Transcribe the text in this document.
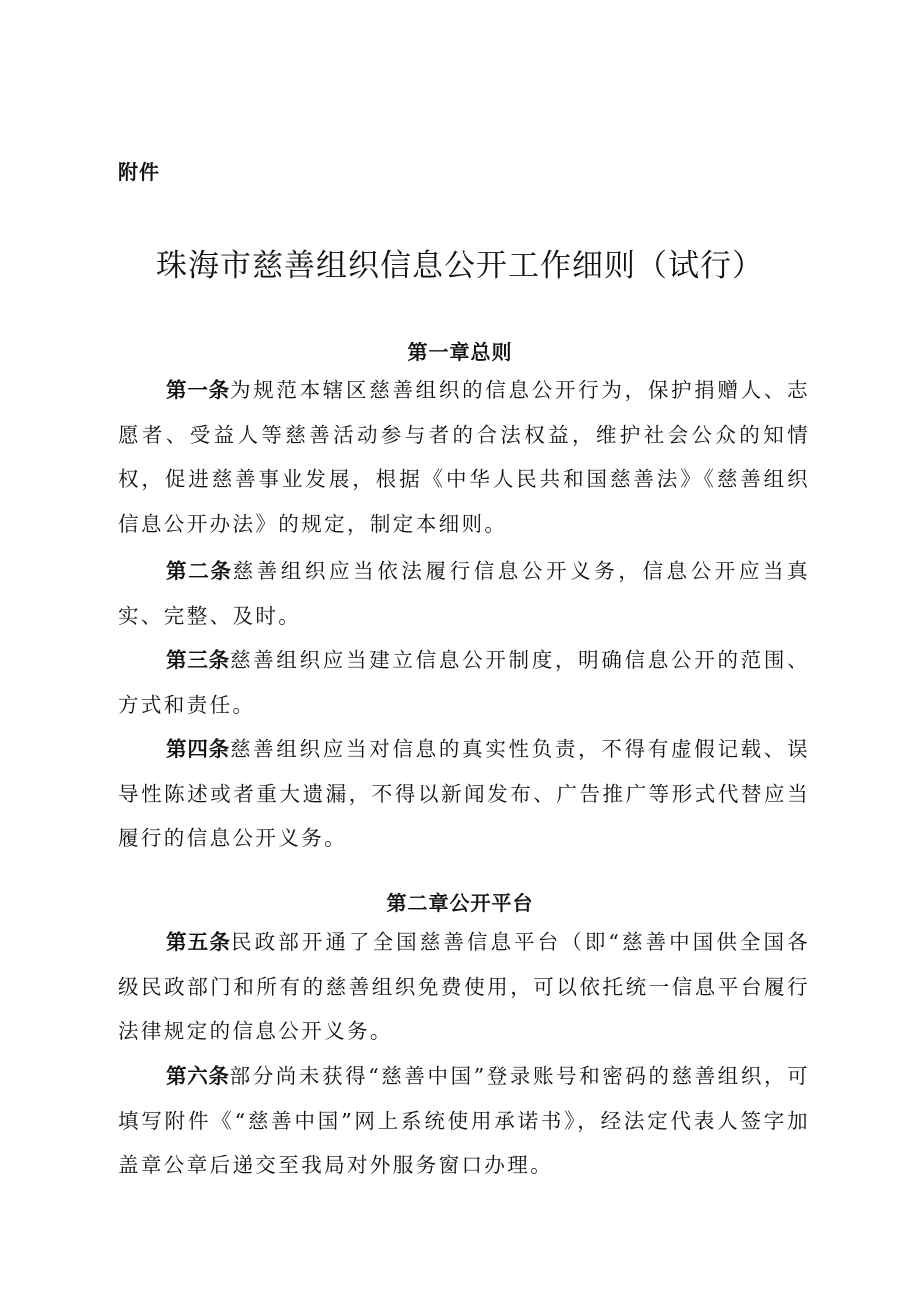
附件
珠海市慈善组织信息公开工作细则（试行）
第一章总则
第一条为规范本辖区慈善组织的信息公开行为，保护捐赠人、志愿者、受益人等慈善活动参与者的合法权益，维护社会公众的知情权，促进慈善事业发展，根据《中华人民共和国慈善法》《慈善组织信息公开办法》的规定，制定本细则。
第二条慈善组织应当依法履行信息公开义务，信息公开应当真实、完整、及时。
第三条慈善组织应当建立信息公开制度，明确信息公开的范围、方式和责任。
第四条慈善组织应当对信息的真实性负责，不得有虚假记载、误导性陈述或者重大遗漏，不得以新闻发布、广告推广等形式代替应当履行的信息公开义务。
第二章公开平台
第五条民政部开通了全国慈善信息平台（即“慈善中国供全国各级民政部门和所有的慈善组织免费使用，可以依托统一信息平台履行法律规定的信息公开义务。
第六条部分尚未获得“慈善中国”登录账号和密码的慈善组织，可填写附件《“慈善中国”网上系统使用承诺书》，经法定代表人签字加盖章公章后递交至我局对外服务窗口办理。
